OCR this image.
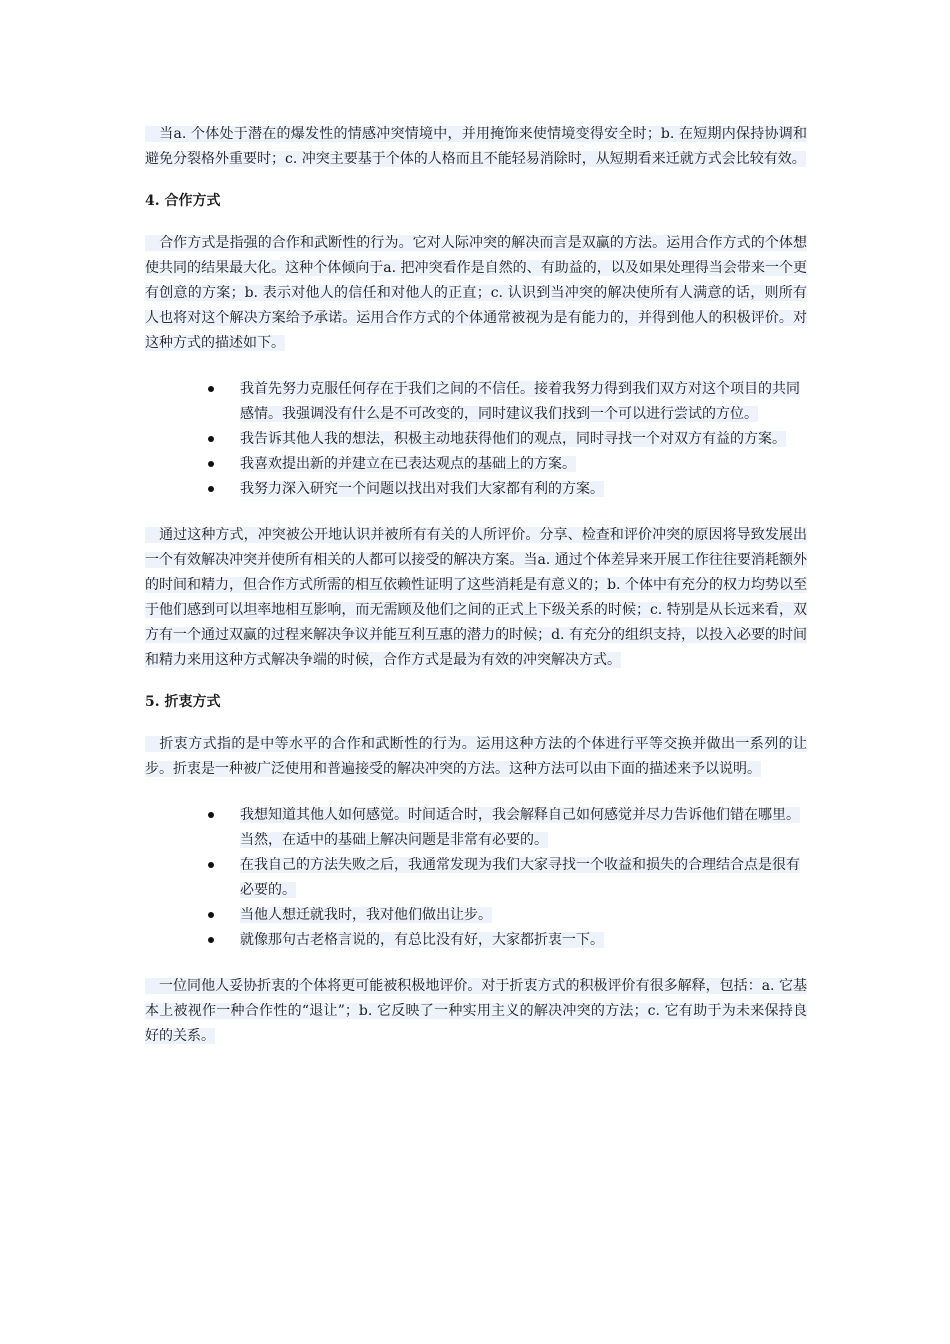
　当a. 个体处于潜在的爆发性的情感冲突情境中，并用掩饰来使情境变得安全时；b. 在短期内保持协调和避免分裂格外重要时；c. 冲突主要基于个体的人格而且不能轻易消除时，从短期看来迁就方式会比较有效。

4. 合作方式

　合作方式是指强的合作和武断性的行为。它对人际冲突的解决而言是双赢的方法。运用合作方式的个体想使共同的结果最大化。这种个体倾向于a. 把冲突看作是自然的、有助益的，以及如果处理得当会带来一个更有创意的方案；b. 表示对他人的信任和对他人的正直；c. 认识到当冲突的解决使所有人满意的话，则所有人也将对这个解决方案给予承诺。运用合作方式的个体通常被视为是有能力的，并得到他人的积极评价。对这种方式的描述如下。

我首先努力克服任何存在于我们之间的不信任。接着我努力得到我们双方对这个项目的共同感情。我强调没有什么是不可改变的，同时建议我们找到一个可以进行尝试的方位。
我告诉其他人我的想法，积极主动地获得他们的观点，同时寻找一个对双方有益的方案。
我喜欢提出新的并建立在已表达观点的基础上的方案。
我努力深入研究一个问题以找出对我们大家都有利的方案。

　通过这种方式，冲突被公开地认识并被所有有关的人所评价。分享、检查和评价冲突的原因将导致发展出一个有效解决冲突并使所有相关的人都可以接受的解决方案。当a. 通过个体差异来开展工作往往要消耗额外的时间和精力，但合作方式所需的相互依赖性证明了这些消耗是有意义的；b. 个体中有充分的权力均势以至于他们感到可以坦率地相互影响，而无需顾及他们之间的正式上下级关系的时候；c. 特别是从长远来看，双方有一个通过双赢的过程来解决争议并能互利互惠的潜力的时候；d. 有充分的组织支持，以投入必要的时间和精力来用这种方式解决争端的时候，合作方式是最为有效的冲突解决方式。

5. 折衷方式

　折衷方式指的是中等水平的合作和武断性的行为。运用这种方法的个体进行平等交换并做出一系列的让步。折衷是一种被广泛使用和普遍接受的解决冲突的方法。这种方法可以由下面的描述来予以说明。

我想知道其他人如何感觉。时间适合时，我会解释自己如何感觉并尽力告诉他们错在哪里。当然，在适中的基础上解决问题是非常有必要的。
在我自己的方法失败之后，我通常发现为我们大家寻找一个收益和损失的合理结合点是很有必要的。
当他人想迁就我时，我对他们做出让步。
就像那句古老格言说的，有总比没有好，大家都折衷一下。

　一位同他人妥协折衷的个体将更可能被积极地评价。对于折衷方式的积极评价有很多解释，包括：a. 它基本上被视作一种合作性的“退让”；b. 它反映了一种实用主义的解决冲突的方法；c. 它有助于为未来保持良好的关系。
